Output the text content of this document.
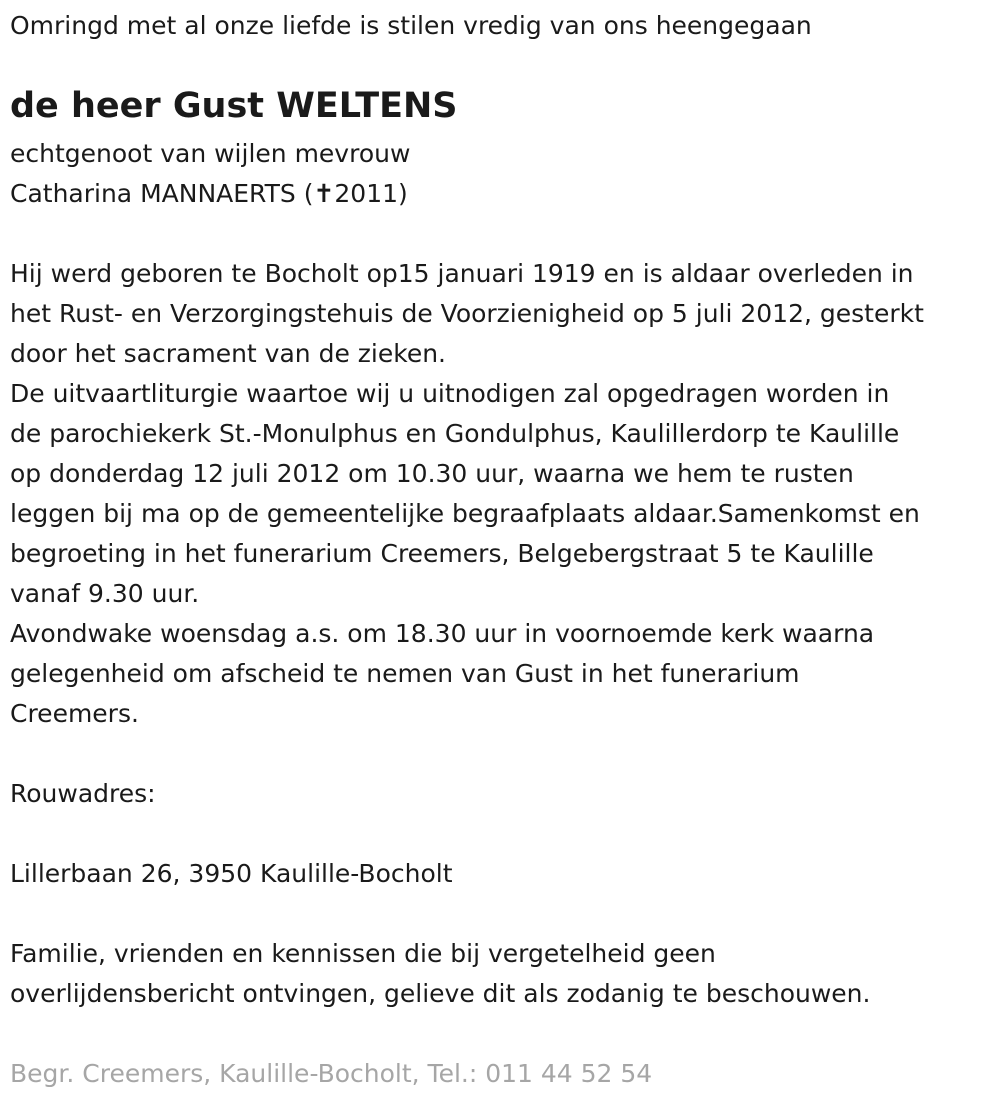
Omringd met al onze liefde is stilen vredig van ons heengegaan

de heer Gust WELTENS

echtgenoot van wijlen mevrouw

Catharina MANNAERTS (✝2011)

Hij werd geboren te Bocholt op15 januari 1919 en is aldaar overleden in

het Rust- en Verzorgingstehuis de Voorzienigheid op 5 juli 2012, gesterkt

door het sacrament van de zieken.

De uitvaartliturgie waartoe wij u uitnodigen zal opgedragen worden in

de parochiekerk St.-Monulphus en Gondulphus, Kaulillerdorp te Kaulille

op donderdag 12 juli 2012 om 10.30 uur, waarna we hem te rusten

leggen bij ma op de gemeentelijke begraafplaats aldaar.Samenkomst en

begroeting in het funerarium Creemers, Belgebergstraat 5 te Kaulille

vanaf 9.30 uur.

Avondwake woensdag a.s. om 18.30 uur in voornoemde kerk waarna

gelegenheid om afscheid te nemen van Gust in het funerarium

Creemers.

Rouwadres:

Lillerbaan 26, 3950 Kaulille-Bocholt

Familie, vrienden en kennissen die bij vergetelheid geen

overlijdensbericht ontvingen, gelieve dit als zodanig te beschouwen.

Begr. Creemers, Kaulille-Bocholt, Tel.: 011 44 52 54
